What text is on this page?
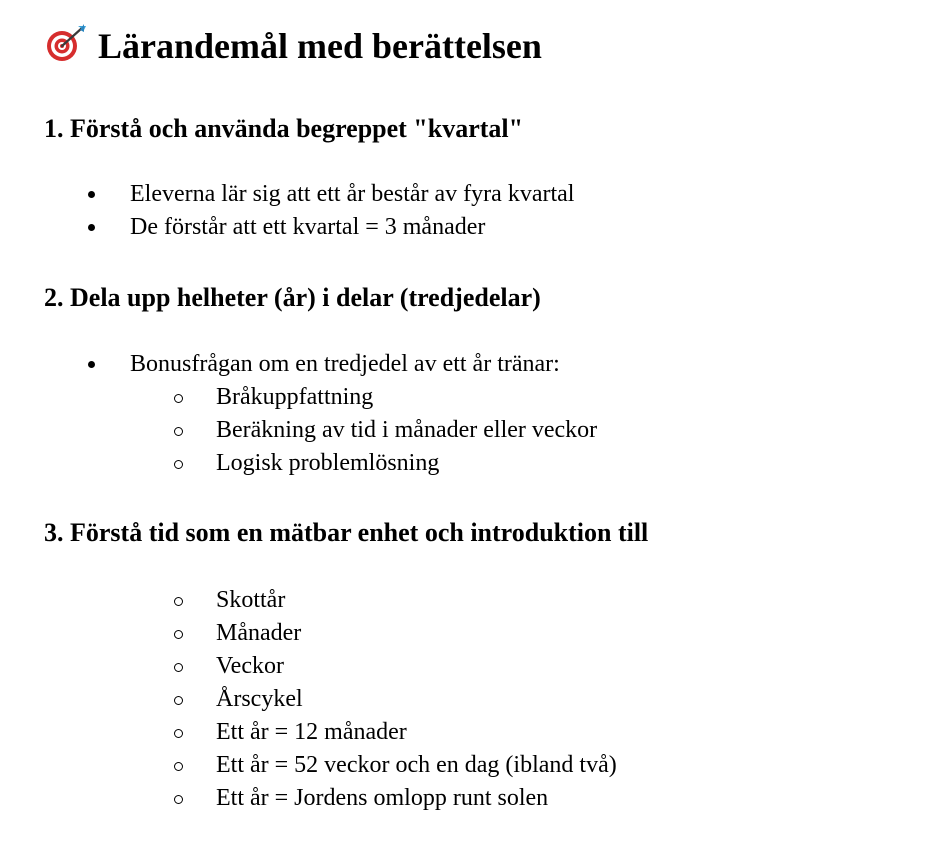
Lärandemål med berättelsen
1. Förstå och använda begreppet "kvartal"
Eleverna lär sig att ett år består av fyra kvartal
De förstår att ett kvartal = 3 månader
2. Dela upp helheter (år) i delar (tredjedelar)
Bonusfrågan om en tredjedel av ett år tränar:
Bråkuppfattning
Beräkning av tid i månader eller veckor
Logisk problemlösning
3. Förstå tid som en mätbar enhet och introduktion till
Skottår
Månader
Veckor
Årscykel
Ett år = 12 månader
Ett år = 52 veckor och en dag (ibland två)
Ett år = Jordens omlopp runt solen
